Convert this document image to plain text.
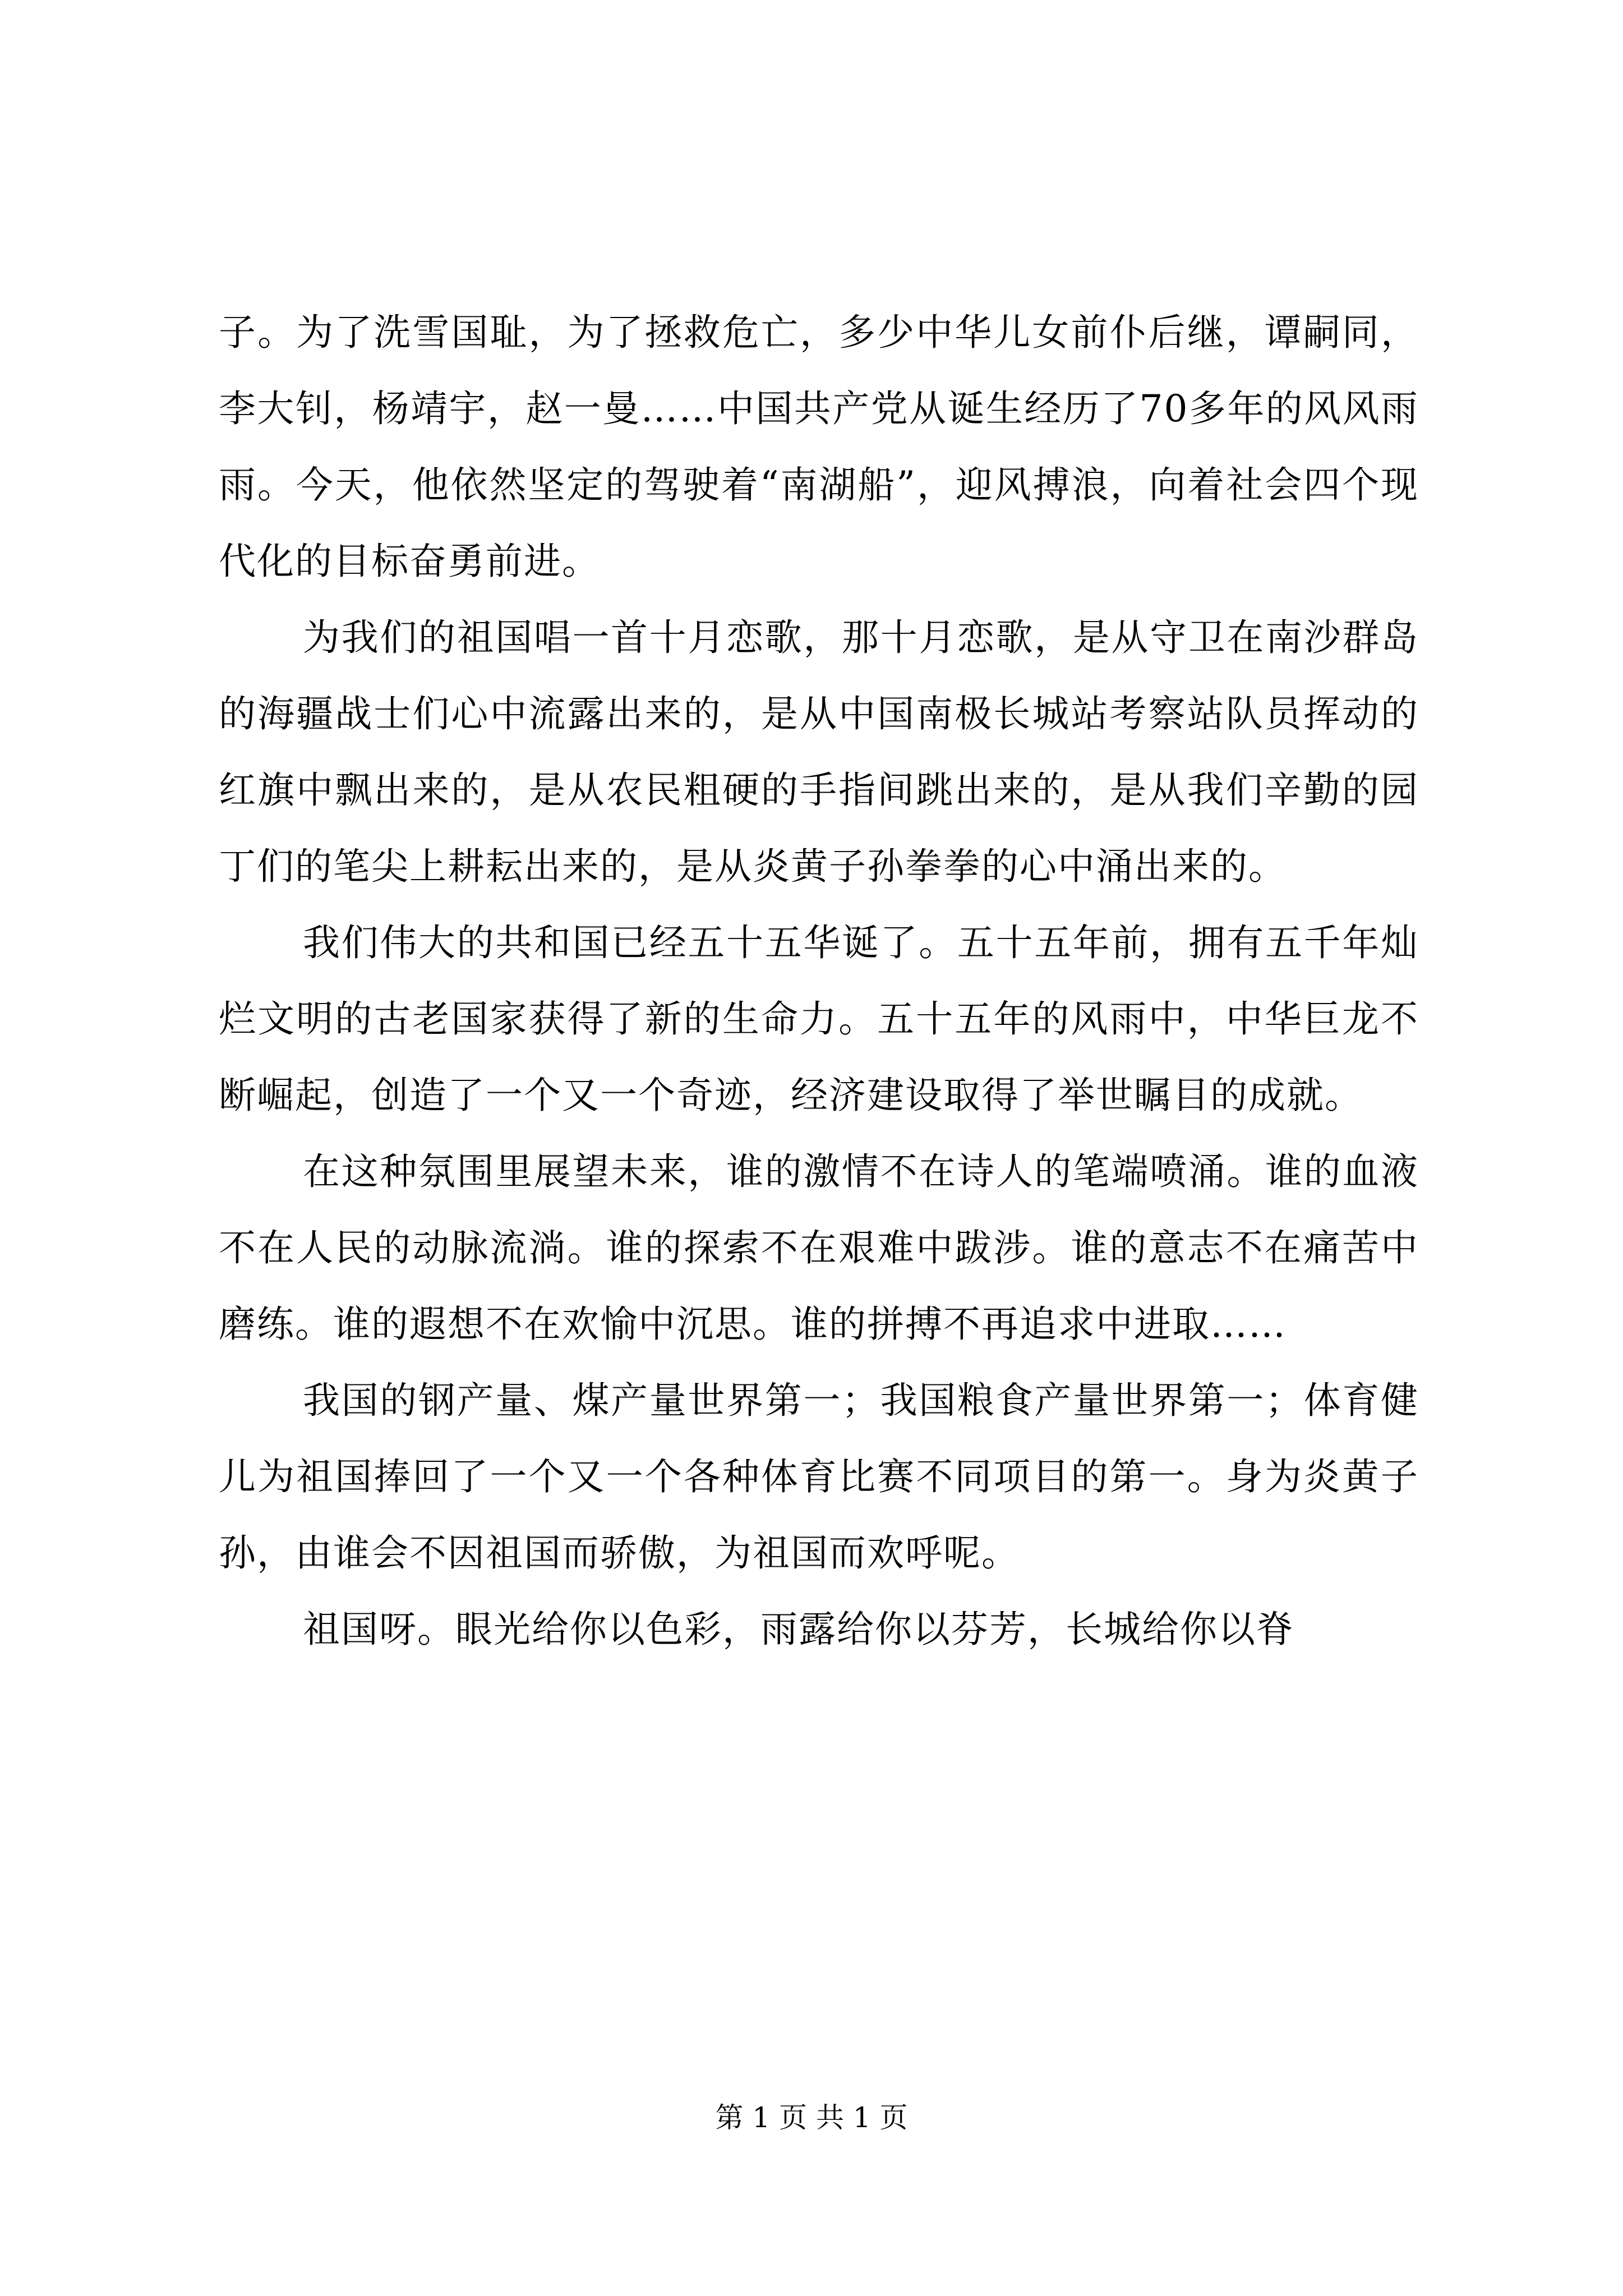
子。为了洗雪国耻，为了拯救危亡，多少中华儿女前仆后继，谭嗣同，李大钊，杨靖宇，赵一曼……中国共产党从诞生经历了70多年的风风雨雨。今天，他依然坚定的驾驶着“南湖船”，迎风搏浪，向着社会四个现代化的目标奋勇前进。

为我们的祖国唱一首十月恋歌，那十月恋歌，是从守卫在南沙群岛的海疆战士们心中流露出来的，是从中国南极长城站考察站队员挥动的红旗中飘出来的，是从农民粗硬的手指间跳出来的，是从我们辛勤的园丁们的笔尖上耕耘出来的，是从炎黄子孙拳拳的心中涌出来的。

我们伟大的共和国已经五十五华诞了。五十五年前，拥有五千年灿烂文明的古老国家获得了新的生命力。五十五年的风雨中，中华巨龙不断崛起，创造了一个又一个奇迹，经济建设取得了举世瞩目的成就。

在这种氛围里展望未来，谁的激情不在诗人的笔端喷涌。谁的血液不在人民的动脉流淌。谁的探索不在艰难中跋涉。谁的意志不在痛苦中磨练。谁的遐想不在欢愉中沉思。谁的拼搏不再追求中进取……

我国的钢产量、煤产量世界第一；我国粮食产量世界第一；体育健儿为祖国捧回了一个又一个各种体育比赛不同项目的第一。身为炎黄子孙，由谁会不因祖国而骄傲，为祖国而欢呼呢。

祖国呀。眼光给你以色彩，雨露给你以芬芳，长城给你以脊

第 1 页 共 1 页
